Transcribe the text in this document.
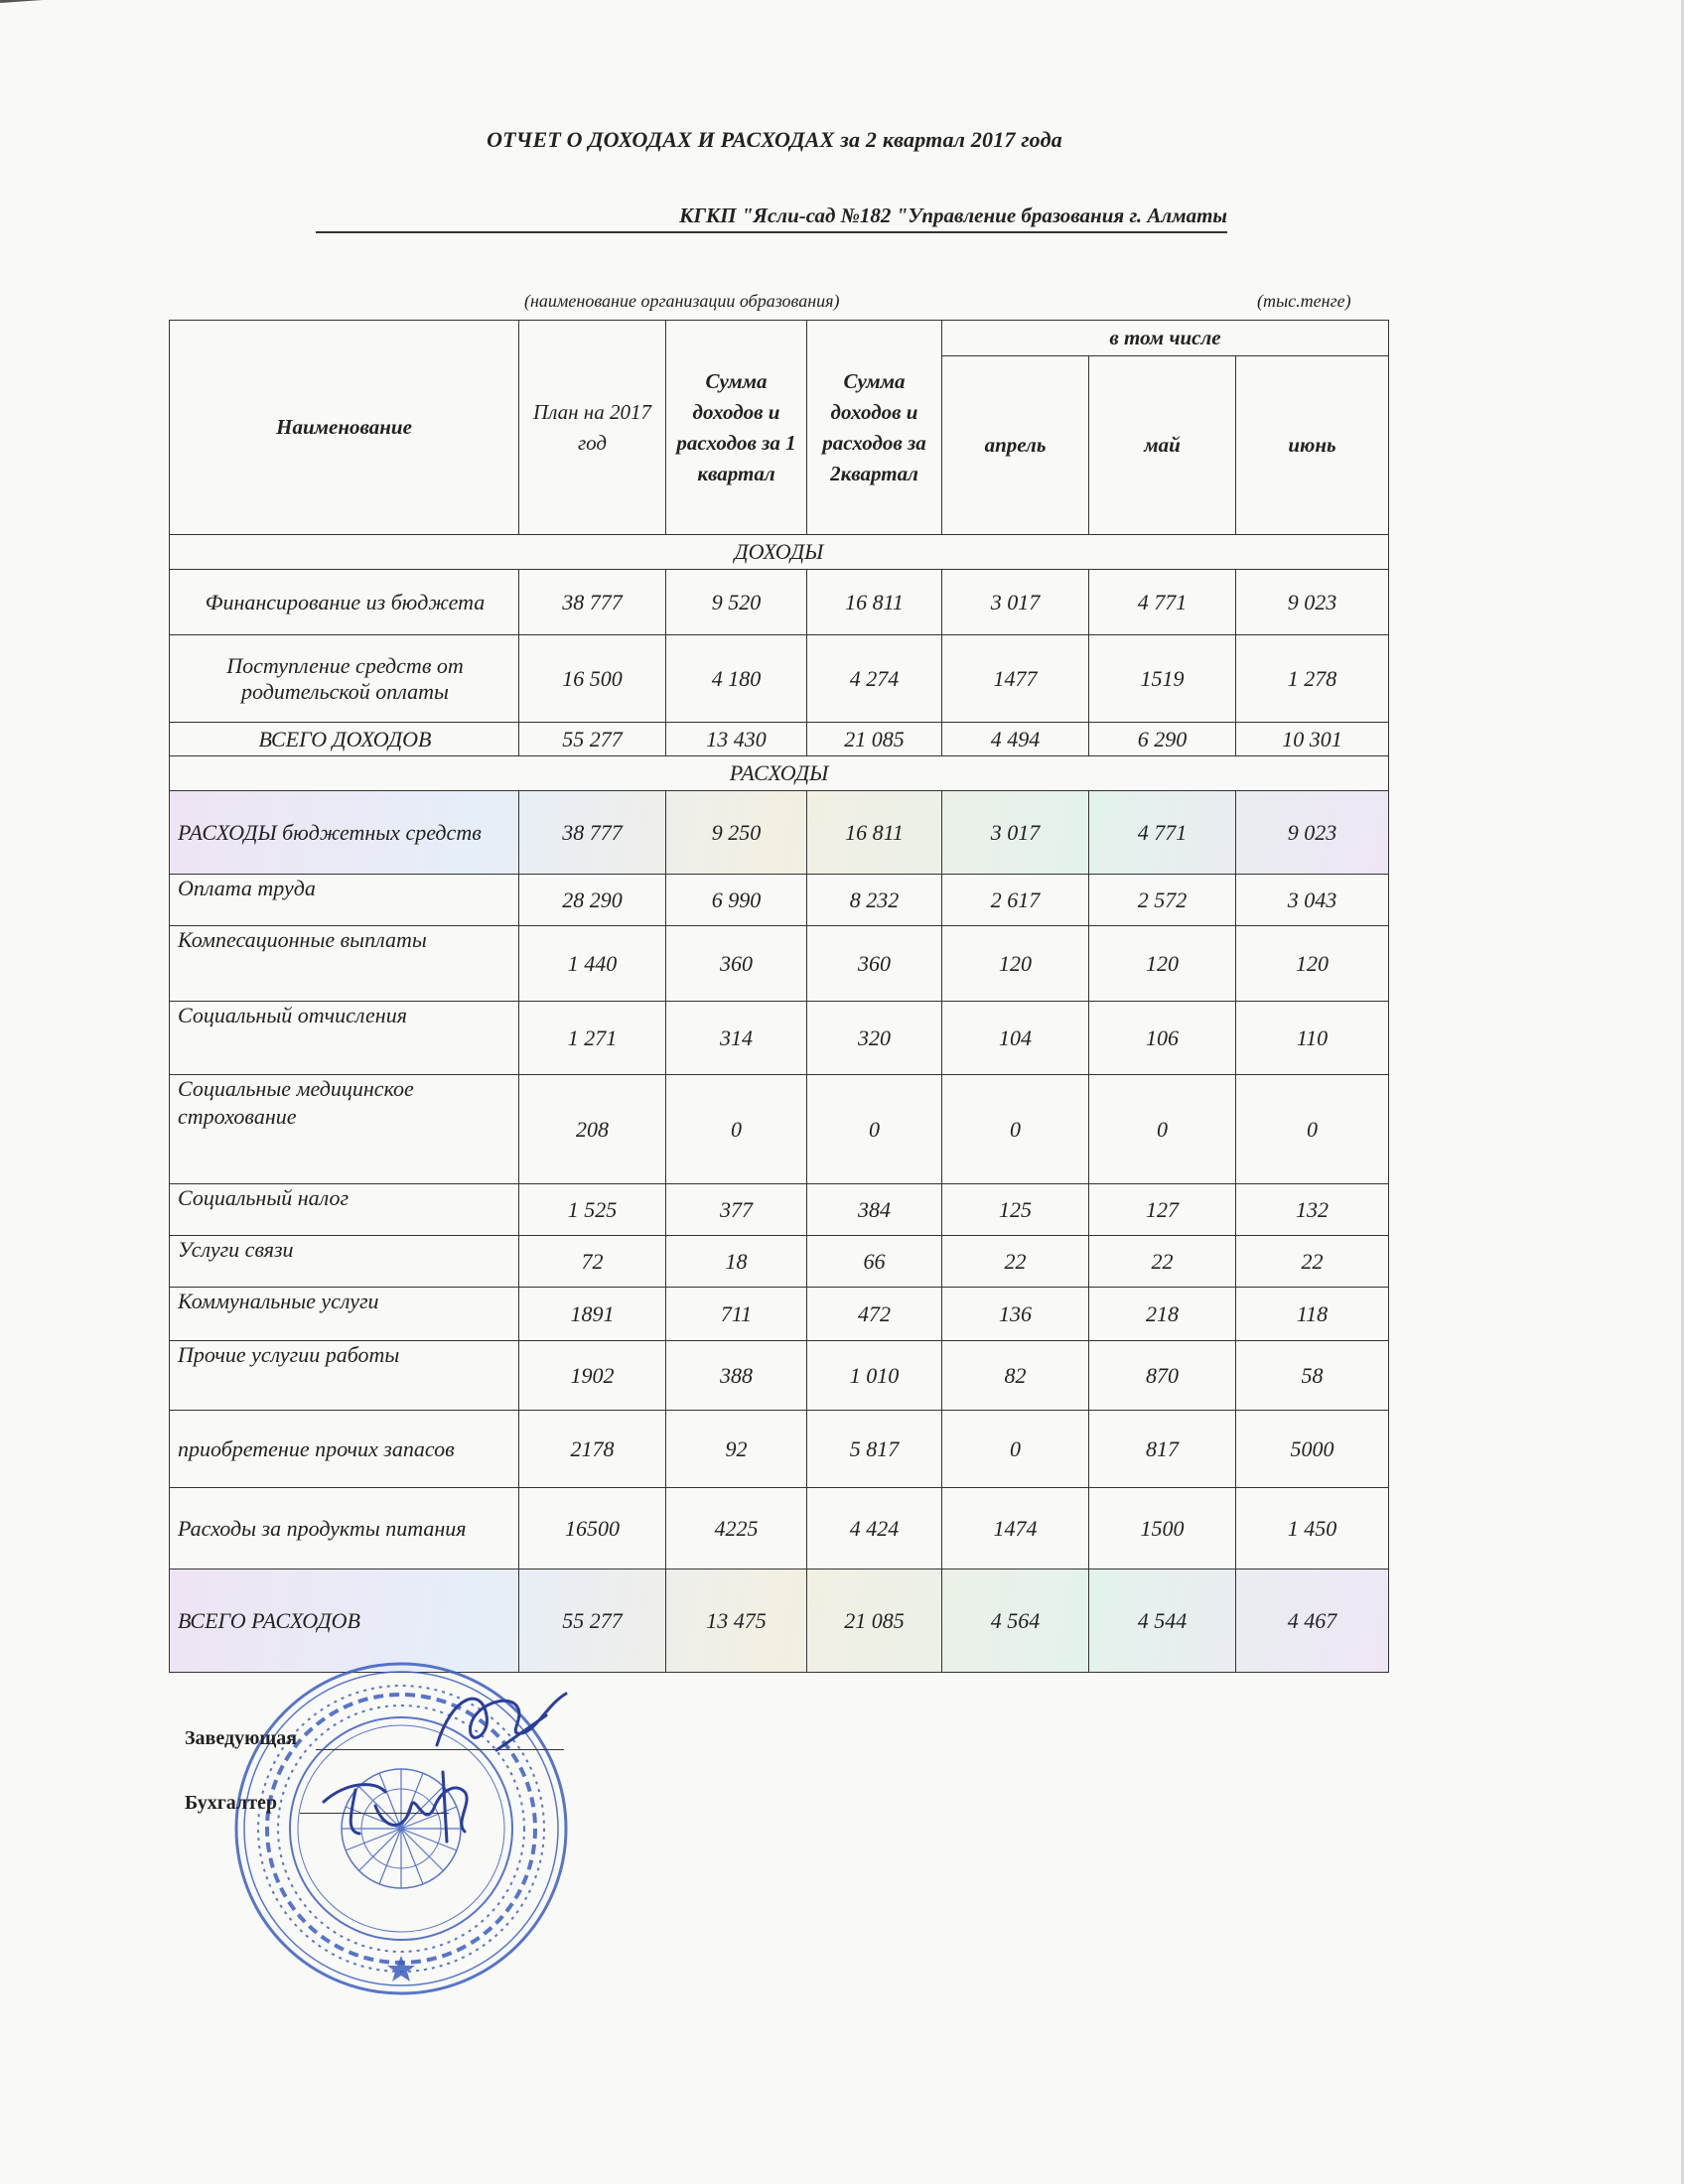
ОТЧЕТ О ДОХОДАХ И РАСХОДАХ за 2 квартал 2017 года
КГКП "Ясли-сад №182 "Управление бразования г. Алматы
(наименование организации образования)	(тыс.тенге)
Наименование	План на 2017 год	Сумма доходов и расходов за 1 квартал	Сумма доходов и расходов за 2квартал	в том числе		
				апрель	май	июнь
ДОХОДЫ						
Финансирование из бюджета	38 777	9 520	16 811	3 017	4 771	9 023
Поступление средств от родительской оплаты	16 500	4 180	4 274	1477	1519	1 278
ВСЕГО ДОХОДОВ	55 277	13 430	21 085	4 494	6 290	10 301
РАСХОДЫ						
РАСХОДЫ бюджетных средств	38 777	9 250	16 811	3 017	4 771	9 023
Оплата труда	28 290	6 990	8 232	2 617	2 572	3 043
Компесационные выплаты	1 440	360	360	120	120	120
Социальный отчисления	1 271	314	320	104	106	110
Социальные медицинское строхование	208	0	0	0	0	0
Социальный налог	1 525	377	384	125	127	132
Услуги связи	72	18	66	22	22	22
Коммунальные услуги	1891	711	472	136	218	118
Прочие услугии работы	1902	388	1 010	82	870	58
приобретение прочих запасов	2178	92	5 817	0	817	5000
Расходы за продукты питания	16500	4225	4 424	1474	1500	1 450
ВСЕГО РАСХОДОВ	55 277	13 475	21 085	4 564	4 544	4 467
Заведующая
Бухгалтер
